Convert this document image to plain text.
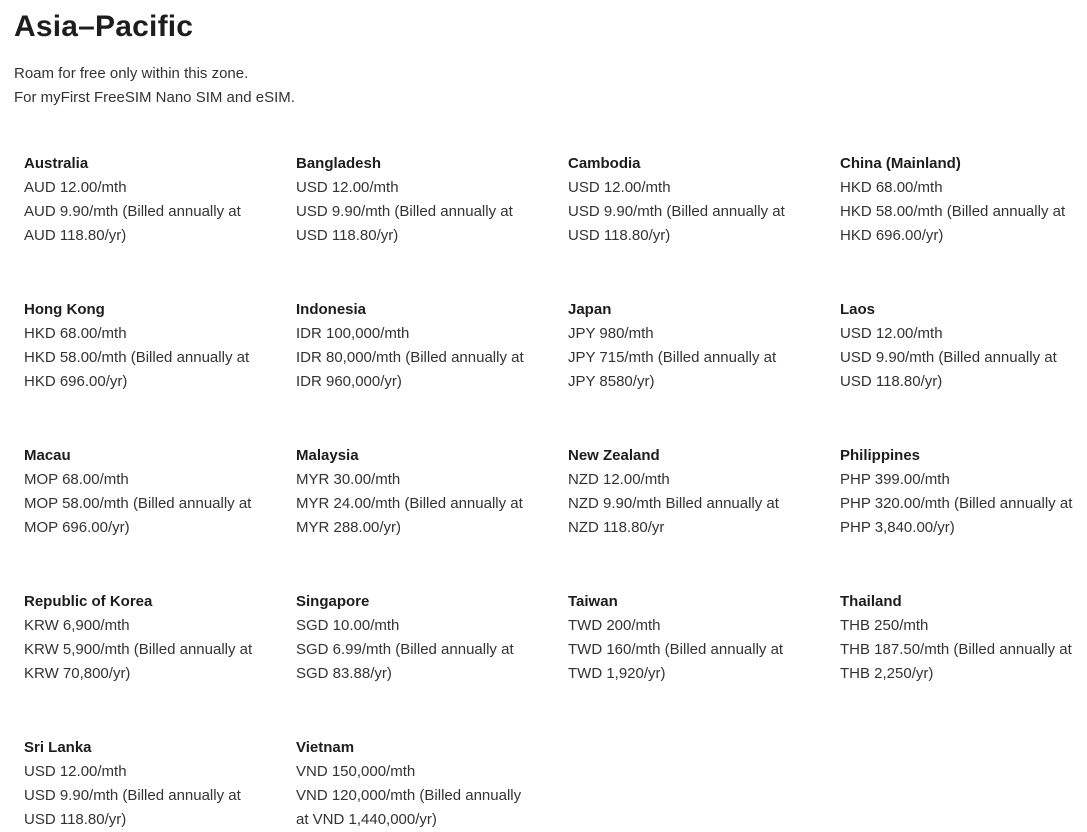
Asia–Pacific
Roam for free only within this zone.
For myFirst FreeSIM Nano SIM and eSIM.
Australia
AUD 12.00/mth
AUD 9.90/mth (Billed annually at AUD 118.80/yr)
Bangladesh
USD 12.00/mth
USD 9.90/mth (Billed annually at USD 118.80/yr)
Cambodia
USD 12.00/mth
USD 9.90/mth (Billed annually at USD 118.80/yr)
China (Mainland)
HKD 68.00/mth
HKD 58.00/mth (Billed annually at HKD 696.00/yr)
Hong Kong
HKD 68.00/mth
HKD 58.00/mth (Billed annually at HKD 696.00/yr)
Indonesia
IDR 100,000/mth
IDR 80,000/mth (Billed annually at IDR 960,000/yr)
Japan
JPY 980/mth
JPY 715/mth (Billed annually at JPY 8580/yr)
Laos
USD 12.00/mth
USD 9.90/mth (Billed annually at USD 118.80/yr)
Macau
MOP 68.00/mth
MOP 58.00/mth (Billed annually at MOP 696.00/yr)
Malaysia
MYR 30.00/mth
MYR 24.00/mth (Billed annually at MYR 288.00/yr)
New Zealand
NZD 12.00/mth
NZD 9.90/mth Billed annually at NZD 118.80/yr
Philippines
PHP 399.00/mth
PHP 320.00/mth (Billed annually at PHP 3,840.00/yr)
Republic of Korea
KRW 6,900/mth
KRW 5,900/mth (Billed annually at KRW 70,800/yr)
Singapore
SGD 10.00/mth
SGD 6.99/mth (Billed annually at SGD 83.88/yr)
Taiwan
TWD 200/mth
TWD 160/mth (Billed annually at TWD 1,920/yr)
Thailand
THB 250/mth
THB 187.50/mth (Billed annually at THB 2,250/yr)
Sri Lanka
USD 12.00/mth
USD 9.90/mth (Billed annually at USD 118.80/yr)
Vietnam
VND 150,000/mth
VND 120,000/mth (Billed annually at VND 1,440,000/yr)
